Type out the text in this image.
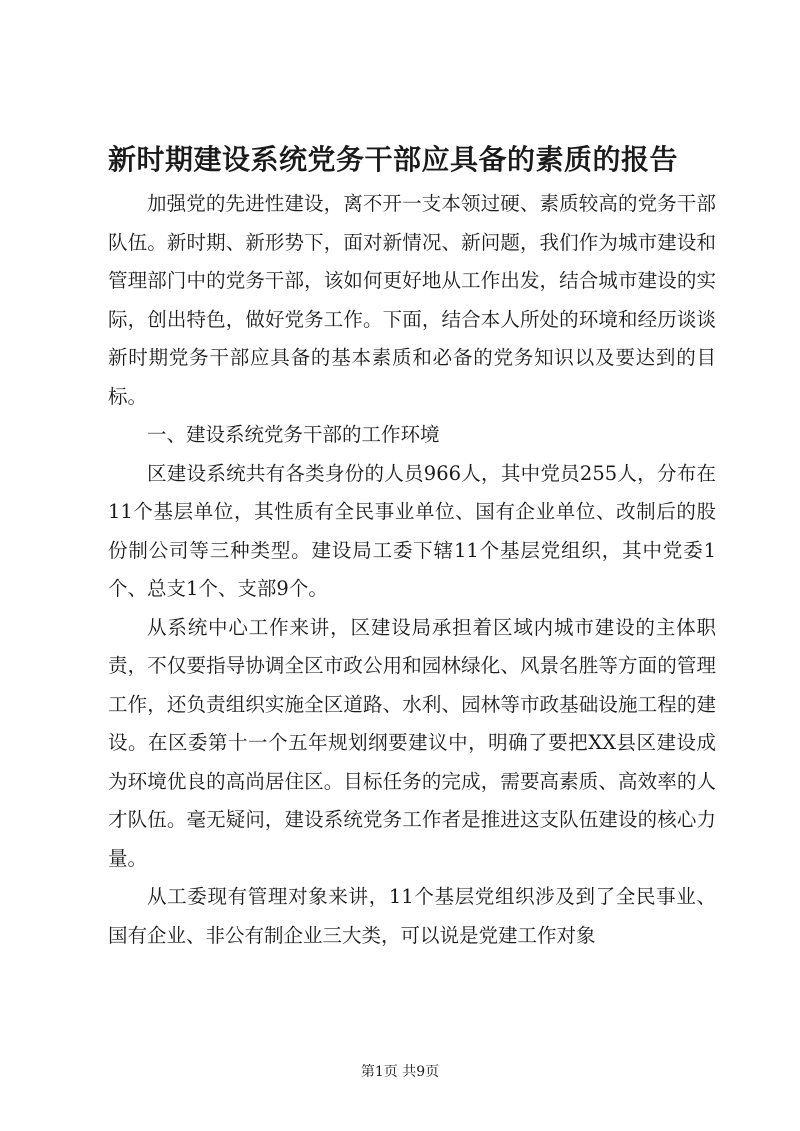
新时期建设系统党务干部应具备的素质的报告

加强党的先进性建设，离不开一支本领过硬、素质较高的党务干部队伍。新时期、新形势下，面对新情况、新问题，我们作为城市建设和管理部门中的党务干部，该如何更好地从工作出发，结合城市建设的实际，创出特色，做好党务工作。下面，结合本人所处的环境和经历谈谈新时期党务干部应具备的基本素质和必备的党务知识以及要达到的目标。

一、建设系统党务干部的工作环境

区建设系统共有各类身份的人员966人，其中党员255人，分布在11个基层单位，其性质有全民事业单位、国有企业单位、改制后的股份制公司等三种类型。建设局工委下辖11个基层党组织，其中党委1个、总支1个、支部9个。

从系统中心工作来讲，区建设局承担着区域内城市建设的主体职责，不仅要指导协调全区市政公用和园林绿化、风景名胜等方面的管理工作，还负责组织实施全区道路、水利、园林等市政基础设施工程的建设。在区委第十一个五年规划纲要建议中，明确了要把XX县区建设成为环境优良的高尚居住区。目标任务的完成，需要高素质、高效率的人才队伍。毫无疑问，建设系统党务工作者是推进这支队伍建设的核心力量。

从工委现有管理对象来讲，11个基层党组织涉及到了全民事业、国有企业、非公有制企业三大类，可以说是党建工作对象

第1页 共9页
